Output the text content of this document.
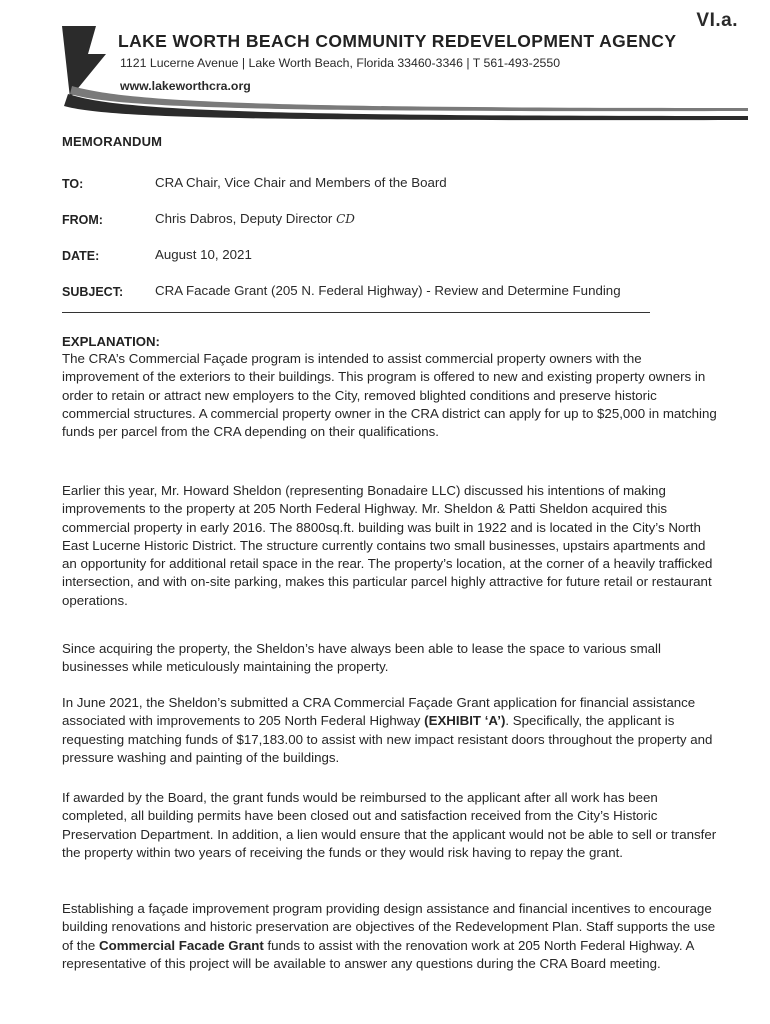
VI.a.
LAKE WORTH BEACH COMMUNITY REDEVELOPMENT AGENCY
1121 Lucerne Avenue | Lake Worth Beach, Florida 33460-3346 | T 561-493-2550
www.lakeworthcra.org
MEMORANDUM
TO:	CRA Chair, Vice Chair and Members of the Board
FROM:	Chris Dabros, Deputy Director CD
DATE:	August 10, 2021
SUBJECT: CRA Facade Grant (205 N. Federal Highway) - Review and Determine Funding
EXPLANATION:
The CRA’s Commercial Façade program is intended to assist commercial property owners with the improvement of the exteriors to their buildings. This program is offered to new and existing property owners in order to retain or attract new employers to the City, removed blighted conditions and preserve historic commercial structures. A commercial property owner in the CRA district can apply for up to $25,000 in matching funds per parcel from the CRA depending on their qualifications.
Earlier this year, Mr. Howard Sheldon (representing Bonadaire LLC) discussed his intentions of making improvements to the property at 205 North Federal Highway. Mr. Sheldon & Patti Sheldon acquired this commercial property in early 2016. The 8800sq.ft. building was built in 1922 and is located in the City’s North East Lucerne Historic District. The structure currently contains two small businesses, upstairs apartments and an opportunity for additional retail space in the rear. The property’s location, at the corner of a heavily trafficked intersection, and with on-site parking, makes this particular parcel highly attractive for future retail or restaurant operations.
Since acquiring the property, the Sheldon’s have always been able to lease the space to various small businesses while meticulously maintaining the property.
In June 2021, the Sheldon’s submitted a CRA Commercial Façade Grant application for financial assistance associated with improvements to 205 North Federal Highway (EXHIBIT ‘A’). Specifically, the applicant is requesting matching funds of $17,183.00 to assist with new impact resistant doors throughout the property and pressure washing and painting of the buildings.
If awarded by the Board, the grant funds would be reimbursed to the applicant after all work has been completed, all building permits have been closed out and satisfaction received from the City’s Historic Preservation Department. In addition, a lien would ensure that the applicant would not be able to sell or transfer the property within two years of receiving the funds or they would risk having to repay the grant.
Establishing a façade improvement program providing design assistance and financial incentives to encourage building renovations and historic preservation are objectives of the Redevelopment Plan. Staff supports the use of the Commercial Facade Grant funds to assist with the renovation work at 205 North Federal Highway. A representative of this project will be available to answer any questions during the CRA Board meeting.
